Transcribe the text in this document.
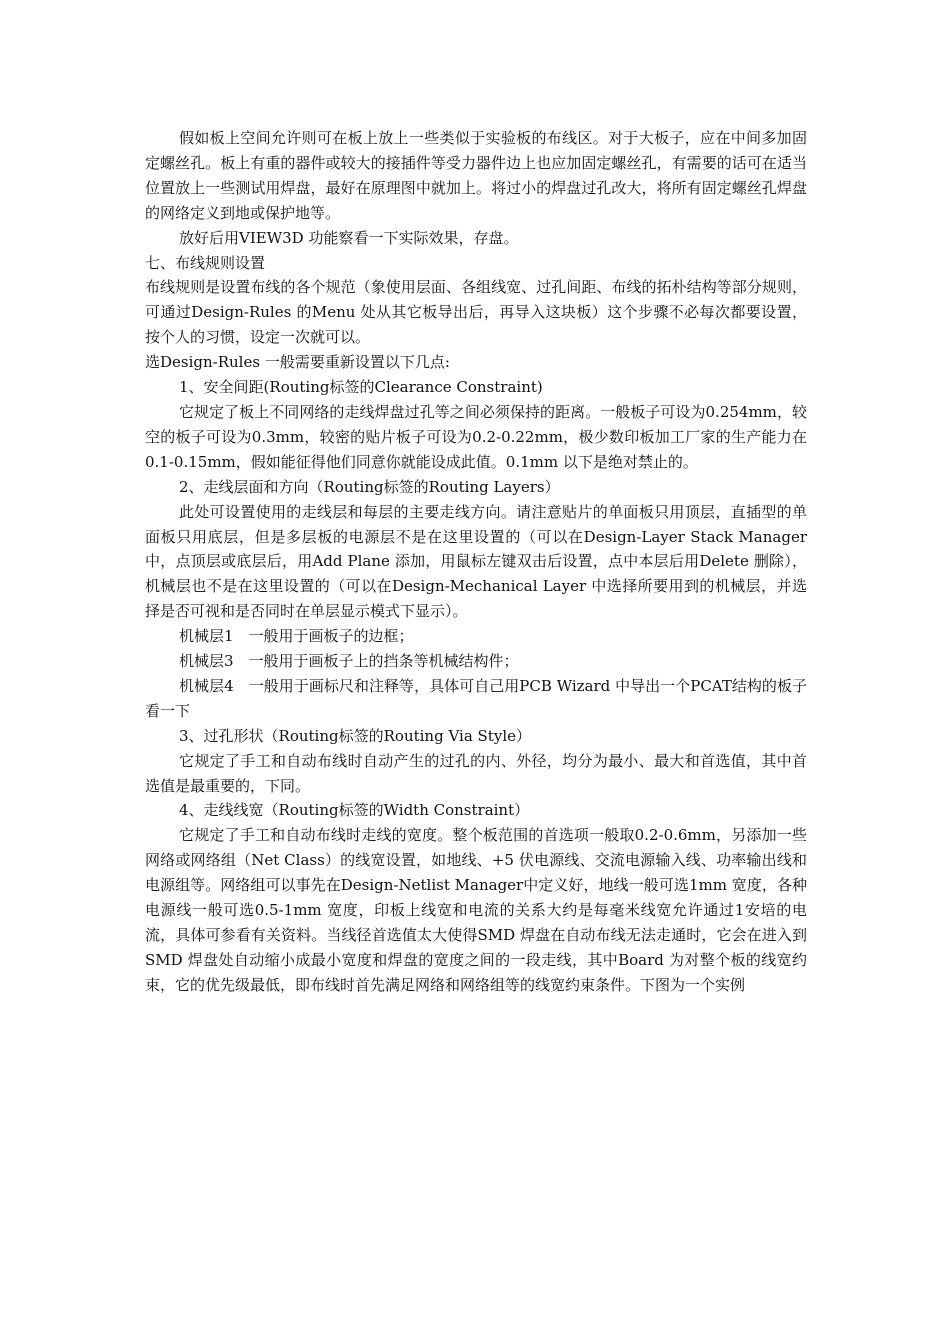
假如板上空间允许则可在板上放上一些类似于实验板的布线区。对于大板子，应在中间多加固定螺丝孔。板上有重的器件或较大的接插件等受力器件边上也应加固定螺丝孔，有需要的话可在适当位置放上一些测试用焊盘，最好在原理图中就加上。将过小的焊盘过孔改大，将所有固定螺丝孔焊盘的网络定义到地或保护地等。

放好后用VIEW3D 功能察看一下实际效果，存盘。

七、布线规则设置

布线规则是设置布线的各个规范（象使用层面、各组线宽、过孔间距、布线的拓朴结构等部分规则，可通过Design-Rules 的Menu 处从其它板导出后，再导入这块板）这个步骤不必每次都要设置，按个人的习惯，设定一次就可以。

选Design-Rules 一般需要重新设置以下几点:

1、安全间距(Routing标签的Clearance Constraint)

它规定了板上不同网络的走线焊盘过孔等之间必须保持的距离。一般板子可设为0.254mm，较空的板子可设为0.3mm，较密的贴片板子可设为0.2-0.22mm，极少数印板加工厂家的生产能力在0.1-0.15mm，假如能征得他们同意你就能设成此值。0.1mm 以下是绝对禁止的。

2、走线层面和方向（Routing标签的Routing Layers）

此处可设置使用的走线层和每层的主要走线方向。请注意贴片的单面板只用顶层，直插型的单面板只用底层，但是多层板的电源层不是在这里设置的（可以在Design-Layer Stack Manager中，点顶层或底层后，用Add Plane 添加，用鼠标左键双击后设置，点中本层后用Delete 删除），机械层也不是在这里设置的（可以在Design-Mechanical Layer 中选择所要用到的机械层，并选择是否可视和是否同时在单层显示模式下显示）。

机械层1　一般用于画板子的边框；

机械层3　一般用于画板子上的挡条等机械结构件；

机械层4　一般用于画标尺和注释等，具体可自己用PCB Wizard 中导出一个PCAT结构的板子看一下

3、过孔形状（Routing标签的Routing Via Style）

它规定了手工和自动布线时自动产生的过孔的内、外径，均分为最小、最大和首选值，其中首选值是最重要的，下同。

4、走线线宽（Routing标签的Width Constraint）

它规定了手工和自动布线时走线的宽度。整个板范围的首选项一般取0.2-0.6mm，另添加一些网络或网络组（Net Class）的线宽设置，如地线、+5 伏电源线、交流电源输入线、功率输出线和电源组等。网络组可以事先在Design-Netlist Manager中定义好，地线一般可选1mm 宽度，各种电源线一般可选0.5-1mm 宽度，印板上线宽和电流的关系大约是每毫米线宽允许通过1安培的电流，具体可参看有关资料。当线径首选值太大使得SMD 焊盘在自动布线无法走通时，它会在进入到SMD 焊盘处自动缩小成最小宽度和焊盘的宽度之间的一段走线，其中Board 为对整个板的线宽约束，它的优先级最低，即布线时首先满足网络和网络组等的线宽约束条件。下图为一个实例
